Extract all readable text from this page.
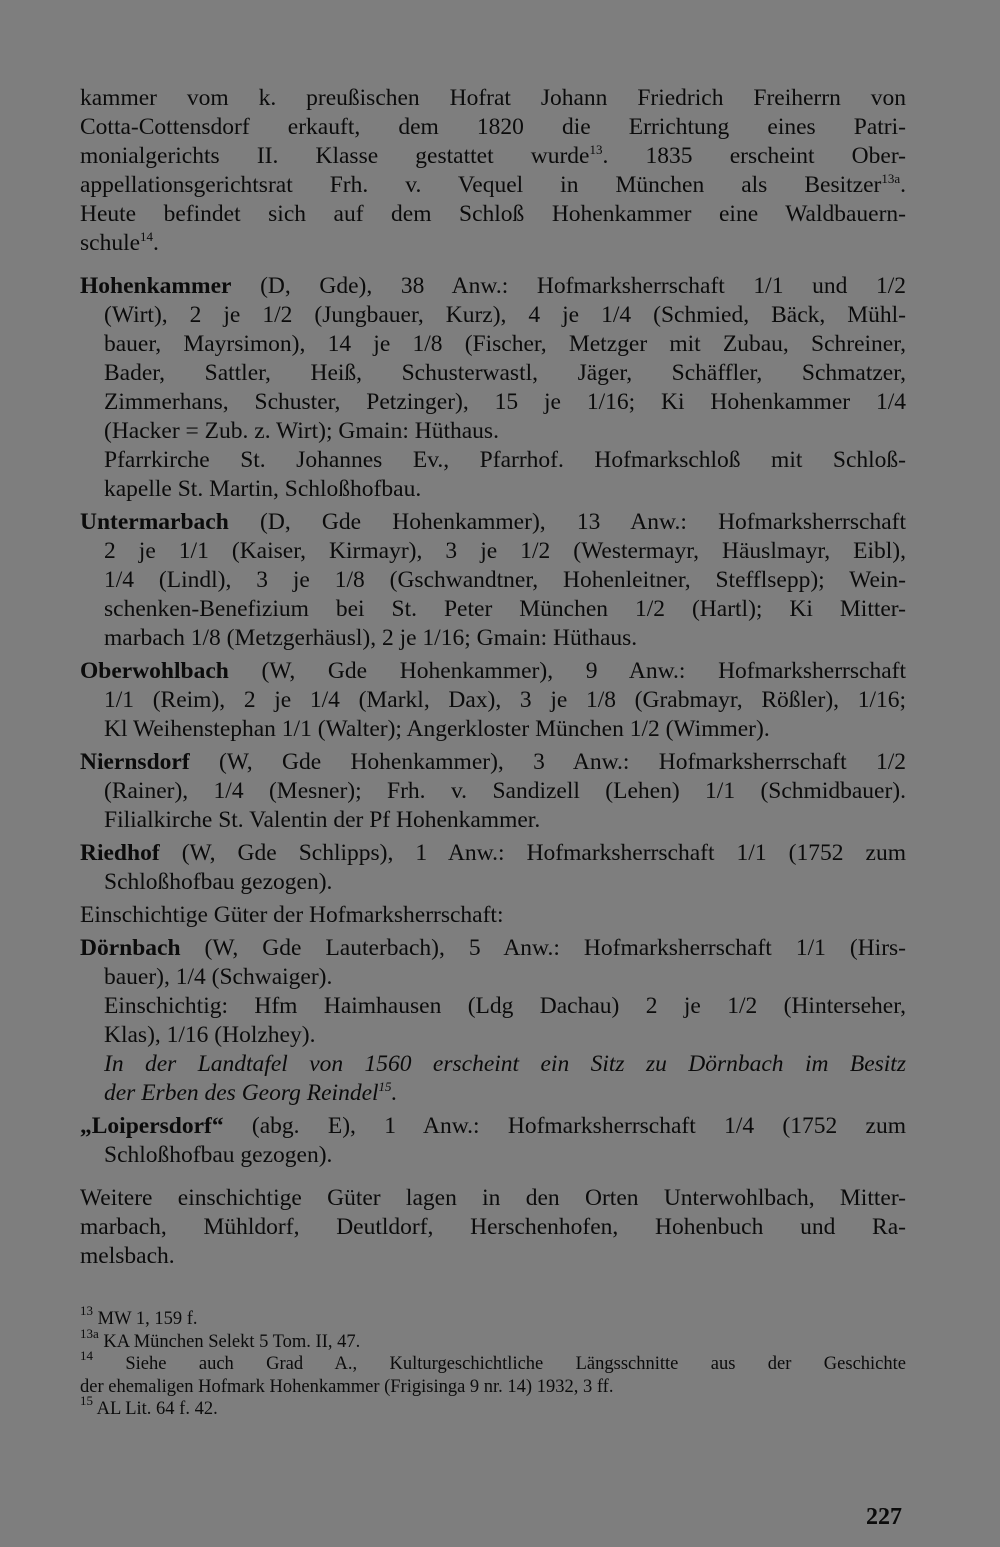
kammer vom k. preußischen Hofrat Johann Friedrich Freiherrn von
Cotta-Cottensdorf erkauft, dem 1820 die Errichtung eines Patri-
monialgerichts II. Klasse gestattet wurde$^{13}$. 1835 erscheint Ober-
appellationsgerichtsrat Frh. v. Vequel in München als Besitzer$^{13a}$.
Heute befindet sich auf dem Schloß Hohenkammer eine Waldbauern-
schule$^{14}$.
Hohenkammer (D, Gde), 38 Anw.: Hofmarksherrschaft 1/1 und 1/2
(Wirt), 2 je 1/2 (Jungbauer, Kurz), 4 je 1/4 (Schmied, Bäck, Mühl-
bauer, Mayrsimon), 14 je 1/8 (Fischer, Metzger mit Zubau, Schreiner,
Bader, Sattler, Heiß, Schusterwastl, Jäger, Schäffler, Schmatzer,
Zimmerhans, Schuster, Petzinger), 15 je 1/16; Ki Hohenkammer 1/4
(Hacker = Zub. z. Wirt); Gmain: Hüthaus.
Pfarrkirche St. Johannes Ev., Pfarrhof. Hofmarkschloß mit Schloß-
kapelle St. Martin, Schloßhofbau.
Untermarbach (D, Gde Hohenkammer), 13 Anw.: Hofmarksherrschaft
2 je 1/1 (Kaiser, Kirmayr), 3 je 1/2 (Westermayr, Häuslmayr, Eibl),
1/4 (Lindl), 3 je 1/8 (Gschwandtner, Hohenleitner, Stefflsepp); Wein-
schenken-Benefizium bei St. Peter München 1/2 (Hartl); Ki Mitter-
marbach 1/8 (Metzgerhäusl), 2 je 1/16; Gmain: Hüthaus.
Oberwohlbach (W, Gde Hohenkammer), 9 Anw.: Hofmarksherrschaft
1/1 (Reim), 2 je 1/4 (Markl, Dax), 3 je 1/8 (Grabmayr, Rößler), 1/16;
Kl Weihenstephan 1/1 (Walter); Angerkloster München 1/2 (Wimmer).
Niernsdorf (W, Gde Hohenkammer), 3 Anw.: Hofmarksherrschaft 1/2
(Rainer), 1/4 (Mesner); Frh. v. Sandizell (Lehen) 1/1 (Schmidbauer).
Filialkirche St. Valentin der Pf Hohenkammer.
Riedhof (W, Gde Schlipps), 1 Anw.: Hofmarksherrschaft 1/1 (1752 zum
Schloßhofbau gezogen).
Einschichtige Güter der Hofmarksherrschaft:
Dörnbach (W, Gde Lauterbach), 5 Anw.: Hofmarksherrschaft 1/1 (Hirs-
bauer), 1/4 (Schwaiger).
Einschichtig: Hfm Haimhausen (Ldg Dachau) 2 je 1/2 (Hinterseher,
Klas), 1/16 (Holzhey).
In der Landtafel von 1560 erscheint ein Sitz zu Dörnbach im Besitz
der Erben des Georg Reindel$^{15}$.
„Loipersdorf“ (abg. E), 1 Anw.: Hofmarksherrschaft 1/4 (1752 zum
Schloßhofbau gezogen).
Weitere einschichtige Güter lagen in den Orten Unterwohlbach, Mitter-
marbach, Mühldorf, Deutldorf, Herschenhofen, Hohenbuch und Ra-
melsbach.
$^{13}$ MW 1, 159 f.
$^{13a}$ KA München Selekt 5 Tom. II, 47.
$^{14}$ Siehe auch Grad A., Kulturgeschichtliche Längsschnitte aus der Geschichte
der ehemaligen Hofmark Hohenkammer (Frigisinga 9 nr. 14) 1932, 3 ff.
$^{15}$ AL Lit. 64 f. 42.
227
